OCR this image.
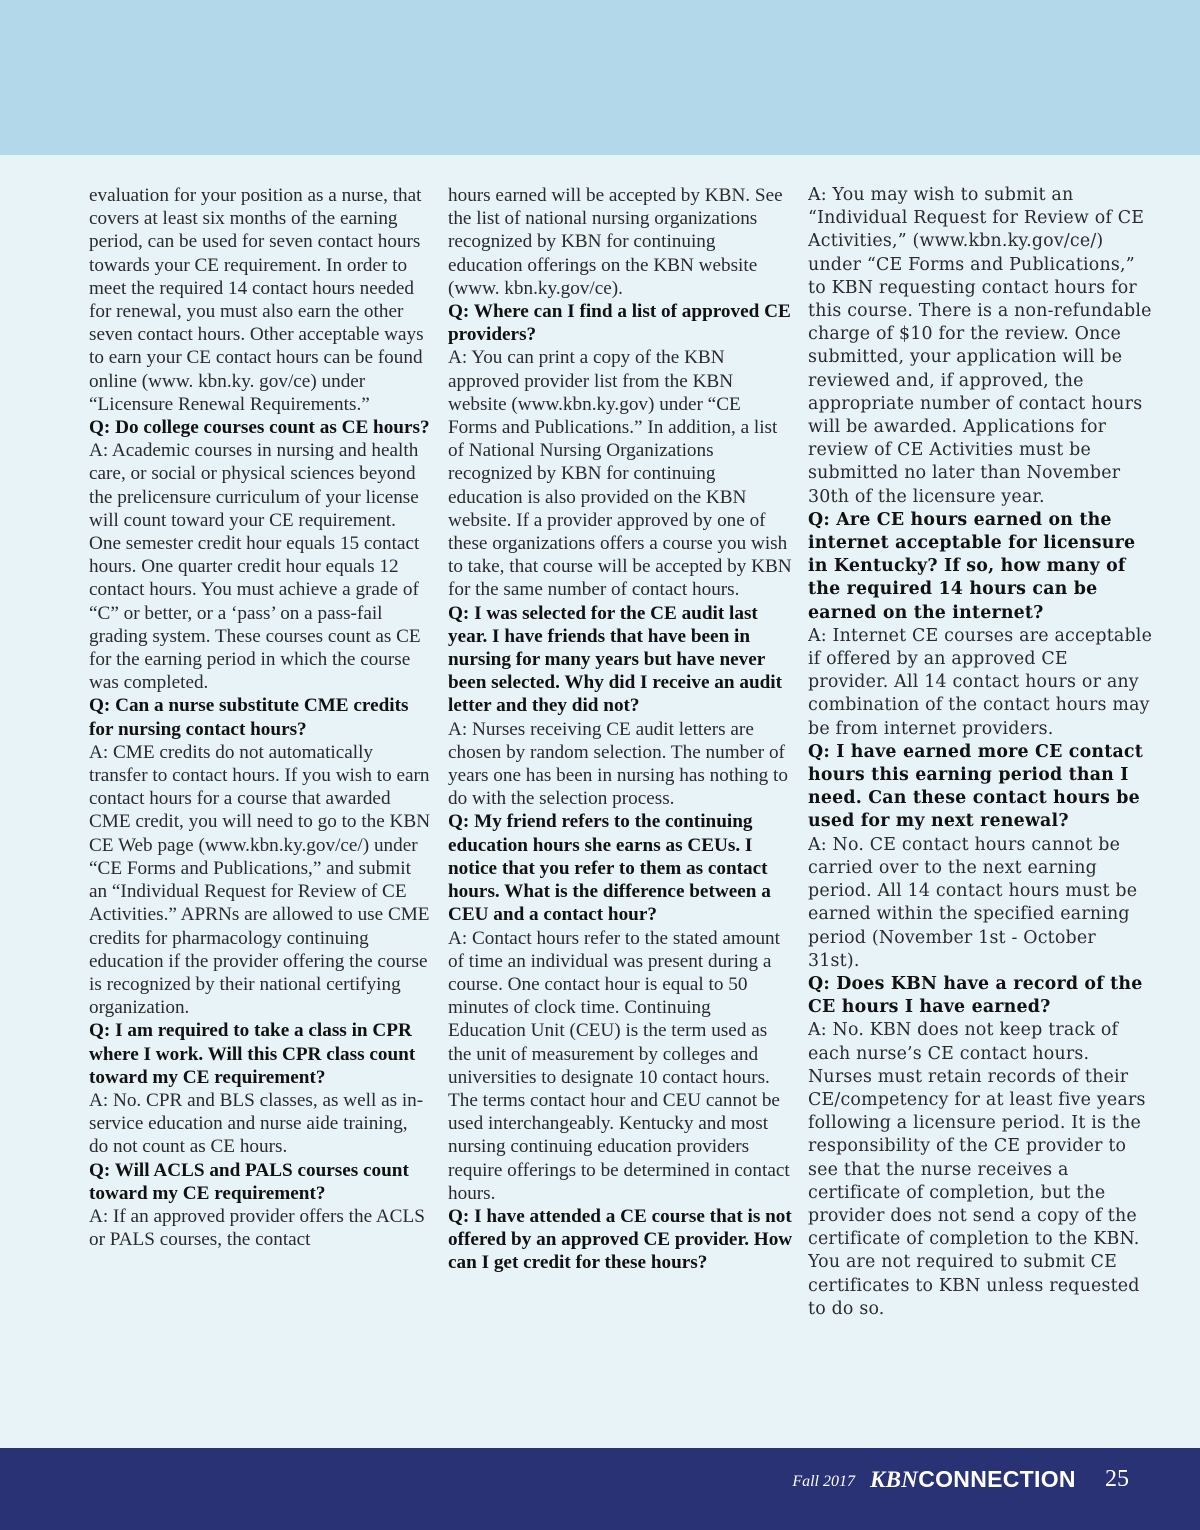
evaluation for your position as a nurse, that covers at least six months of the earning period, can be used for seven contact hours towards your CE requirement. In order to meet the required 14 contact hours needed for renewal, you must also earn the other seven contact hours. Other acceptable ways to earn your CE contact hours can be found online (www. kbn.ky. gov/ce) under “Licensure Renewal Requirements.”

Q: Do college courses count as CE hours?

A: Academic courses in nursing and health care, or social or physical sciences beyond the prelicensure curriculum of your license will count toward your CE requirement. One semester credit hour equals 15 contact hours. One quarter credit hour equals 12 contact hours. You must achieve a grade of “C” or better, or a ‘pass’ on a pass-fail grading system. These courses count as CE for the earning period in which the course was completed.

Q: Can a nurse substitute CME credits for nursing contact hours?

A: CME credits do not automatically transfer to contact hours. If you wish to earn contact hours for a course that awarded CME credit, you will need to go to the KBN CE Web page (www.kbn.ky.gov/ce/) under “CE Forms and Publications,” and submit an “Individual Request for Review of CE Activities.” APRNs are allowed to use CME credits for pharmacology continuing education if the provider offering the course is recognized by their national certifying organization.

Q: I am required to take a class in CPR where I work. Will this CPR class count toward my CE requirement?

A: No. CPR and BLS classes, as well as in-service education and nurse aide training, do not count as CE hours.

Q: Will ACLS and PALS courses count toward my CE requirement?

A: If an approved provider offers the ACLS or PALS courses, the contact

hours earned will be accepted by KBN. See the list of national nursing organizations recognized by KBN for continuing education offerings on the KBN website (www. kbn.ky.gov/ce).

Q: Where can I find a list of approved CE providers?

A: You can print a copy of the KBN approved provider list from the KBN website (www.kbn.ky.gov) under “CE Forms and Publications.” In addition, a list of National Nursing Organizations recognized by KBN for continuing education is also provided on the KBN website. If a provider approved by one of these organizations offers a course you wish to take, that course will be accepted by KBN for the same number of contact hours.

Q: I was selected for the CE audit last year. I have friends that have been in nursing for many years but have never been selected. Why did I receive an audit letter and they did not?

A: Nurses receiving CE audit letters are chosen by random selection. The number of years one has been in nursing has nothing to do with the selection process.

Q: My friend refers to the continuing education hours she earns as CEUs. I notice that you refer to them as contact hours. What is the difference between a CEU and a contact hour?

A: Contact hours refer to the stated amount of time an individual was present during a course. One contact hour is equal to 50 minutes of clock time. Continuing Education Unit (CEU) is the term used as the unit of measurement by colleges and universities to designate 10 contact hours. The terms contact hour and CEU cannot be used interchangeably. Kentucky and most nursing continuing education providers require offerings to be determined in contact hours.

Q: I have attended a CE course that is not offered by an approved CE provider. How can I get credit for these hours?

A: You may wish to submit an “Individual Request for Review of CE Activities,” (www.kbn.ky.gov/ce/) under “CE Forms and Publications,” to KBN requesting contact hours for this course. There is a non-refundable charge of $10 for the review. Once submitted, your application will be reviewed and, if approved, the appropriate number of contact hours will be awarded. Applications for review of CE Activities must be submitted no later than November 30th of the licensure year.

Q: Are CE hours earned on the internet acceptable for licensure in Kentucky? If so, how many of the required 14 hours can be earned on the internet?

A: Internet CE courses are acceptable if offered by an approved CE provider. All 14 contact hours or any combination of the contact hours may be from internet providers.

Q: I have earned more CE contact hours this earning period than I need. Can these contact hours be used for my next renewal?

A: No. CE contact hours cannot be carried over to the next earning period. All 14 contact hours must be earned within the specified earning period (November 1st - October 31st).

Q: Does KBN have a record of the CE hours I have earned?

A: No. KBN does not keep track of each nurse’s CE contact hours. Nurses must retain records of their CE/competency for at least five years following a licensure period. It is the responsibility of the CE provider to see that the nurse receives a certificate of completion, but the provider does not send a copy of the certificate of completion to the KBN. You are not required to submit CE certificates to KBN unless requested to do so.

Fall 2017 KBNCONNECTION 25
